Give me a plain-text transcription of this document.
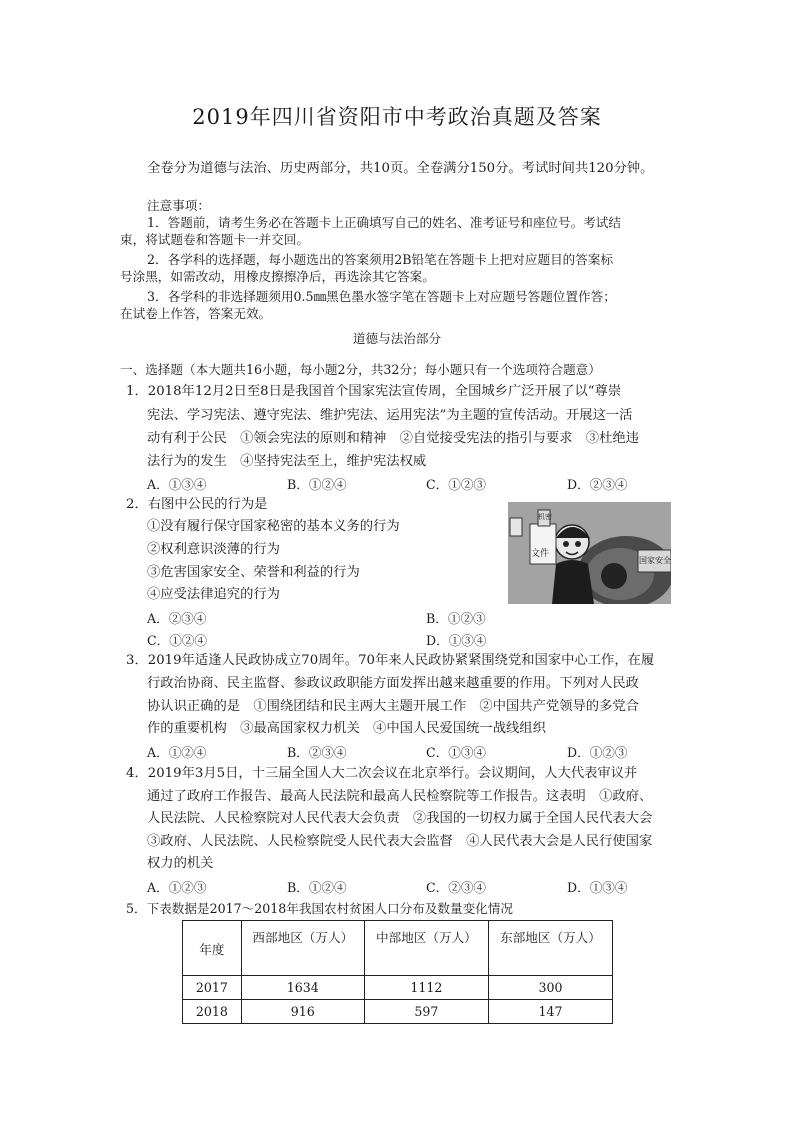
2019年四川省资阳市中考政治真题及答案
全卷分为道德与法治、历史两部分，共10页。全卷满分150分。考试时间共120分钟。
注意事项：
1．答题前，请考生务必在答题卡上正确填写自己的姓名、准考证号和座位号。考试结
束，将试题卷和答题卡一并交回。
2．各学科的选择题，每小题选出的答案须用2B铅笔在答题卡上把对应题目的答案标
号涂黑，如需改动，用橡皮擦擦净后，再选涂其它答案。
3．各学科的非选择题须用0.5㎜黑色墨水签字笔在答题卡上对应题号答题位置作答；
在试卷上作答，答案无效。
道德与法治部分
一、选择题（本大题共16小题，每小题2分，共32分；每小题只有一个选项符合题意）
1．2018年12月2日至8日是我国首个国家宪法宣传周，全国城乡广泛开展了以“尊崇
宪法、学习宪法、遵守宪法、维护宪法、运用宪法”为主题的宣传活动。开展这一活
动有利于公民　①领会宪法的原则和精神　②自觉接受宪法的指引与要求　③杜绝违
法行为的发生　④坚持宪法至上，维护宪法权威
A．①③④	B．①②④	C．①②③	D．②③④
2．右图中公民的行为是
①没有履行保守国家秘密的基本义务的行为
②权利意识淡薄的行为
③危害国家安全、荣誉和利益的行为
④应受法律追究的行为
A．②③④	B．①②③
C．①②④	D．①③④
文件
机密
国家安全
3．2019年适逢人民政协成立70周年。70年来人民政协紧紧围绕党和国家中心工作，在履
行政治协商、民主监督、参政议政职能方面发挥出越来越重要的作用。下列对人民政
协认识正确的是　①围绕团结和民主两大主题开展工作　②中国共产党领导的多党合
作的重要机构　③最高国家权力机关　④中国人民爱国统一战线组织
A．①②④	B．②③④	C．①③④	D．①②③
4．2019年3月5日，十三届全国人大二次会议在北京举行。会议期间，人大代表审议并
通过了政府工作报告、最高人民法院和最高人民检察院等工作报告。这表明　①政府、
人民法院、人民检察院对人民代表大会负责　②我国的一切权力属于全国人民代表大会
③政府、人民法院、人民检察院受人民代表大会监督　④人民代表大会是人民行使国家
权力的机关
A．①②③	B．①②④	C．②③④	D．①③④
5．下表数据是2017～2018年我国农村贫困人口分布及数量变化情况
年度	西部地区（万人）	中部地区（万人）	东部地区（万人）
2017	1634	1112	300
2018	916	597	147
